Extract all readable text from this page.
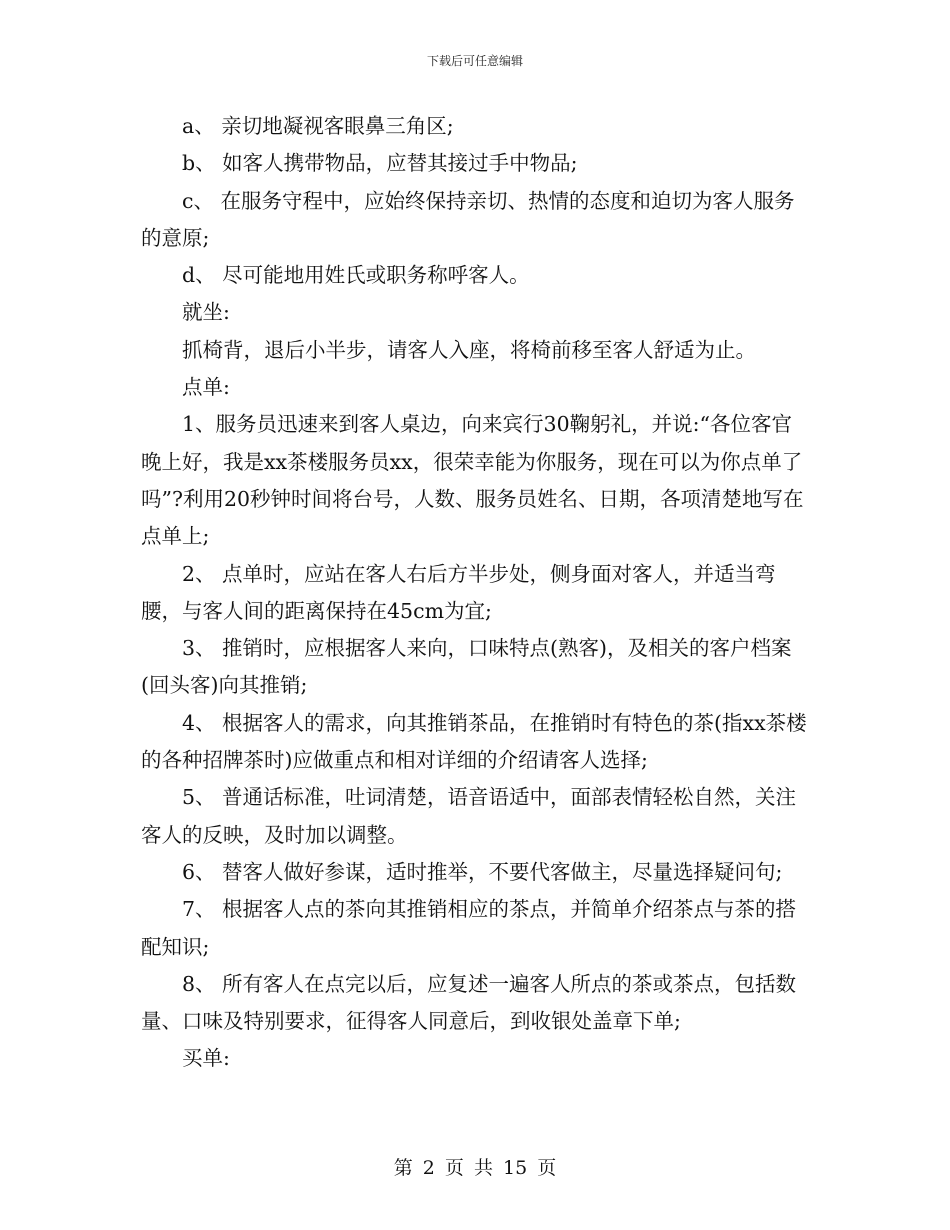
下载后可任意编辑

a、 亲切地凝视客眼鼻三角区;

b、 如客人携带物品，应替其接过手中物品;

c、 在服务守程中，应始终保持亲切、热情的态度和迫切为客人服务的意原;

d、 尽可能地用姓氏或职务称呼客人。

就坐:

抓椅背，退后小半步，请客人入座，将椅前移至客人舒适为止。

点单:

1、服务员迅速来到客人桌边，向来宾行30鞠躬礼，并说:“各位客官晚上好，我是xx茶楼服务员xx，很荣幸能为你服务，现在可以为你点单了吗”?利用20秒钟时间将台号，人数、服务员姓名、日期，各项清楚地写在点单上;

2、 点单时，应站在客人右后方半步处，侧身面对客人，并适当弯腰，与客人间的距离保持在45cm为宜;

3、 推销时，应根据客人来向，口味特点(熟客)，及相关的客户档案(回头客)向其推销;

4、 根据客人的需求，向其推销茶品，在推销时有特色的茶(指xx茶楼的各种招牌茶时)应做重点和相对详细的介绍请客人选择;

5、 普通话标准，吐词清楚，语音语适中，面部表情轻松自然，关注客人的反映，及时加以调整。

6、 替客人做好参谋，适时推举，不要代客做主，尽量选择疑问句;

7、 根据客人点的茶向其推销相应的茶点，并简单介绍茶点与茶的搭配知识;

8、 所有客人在点完以后，应复述一遍客人所点的茶或茶点，包括数量、口味及特别要求，征得客人同意后，到收银处盖章下单;

买单:

第 2 页 共 15 页
